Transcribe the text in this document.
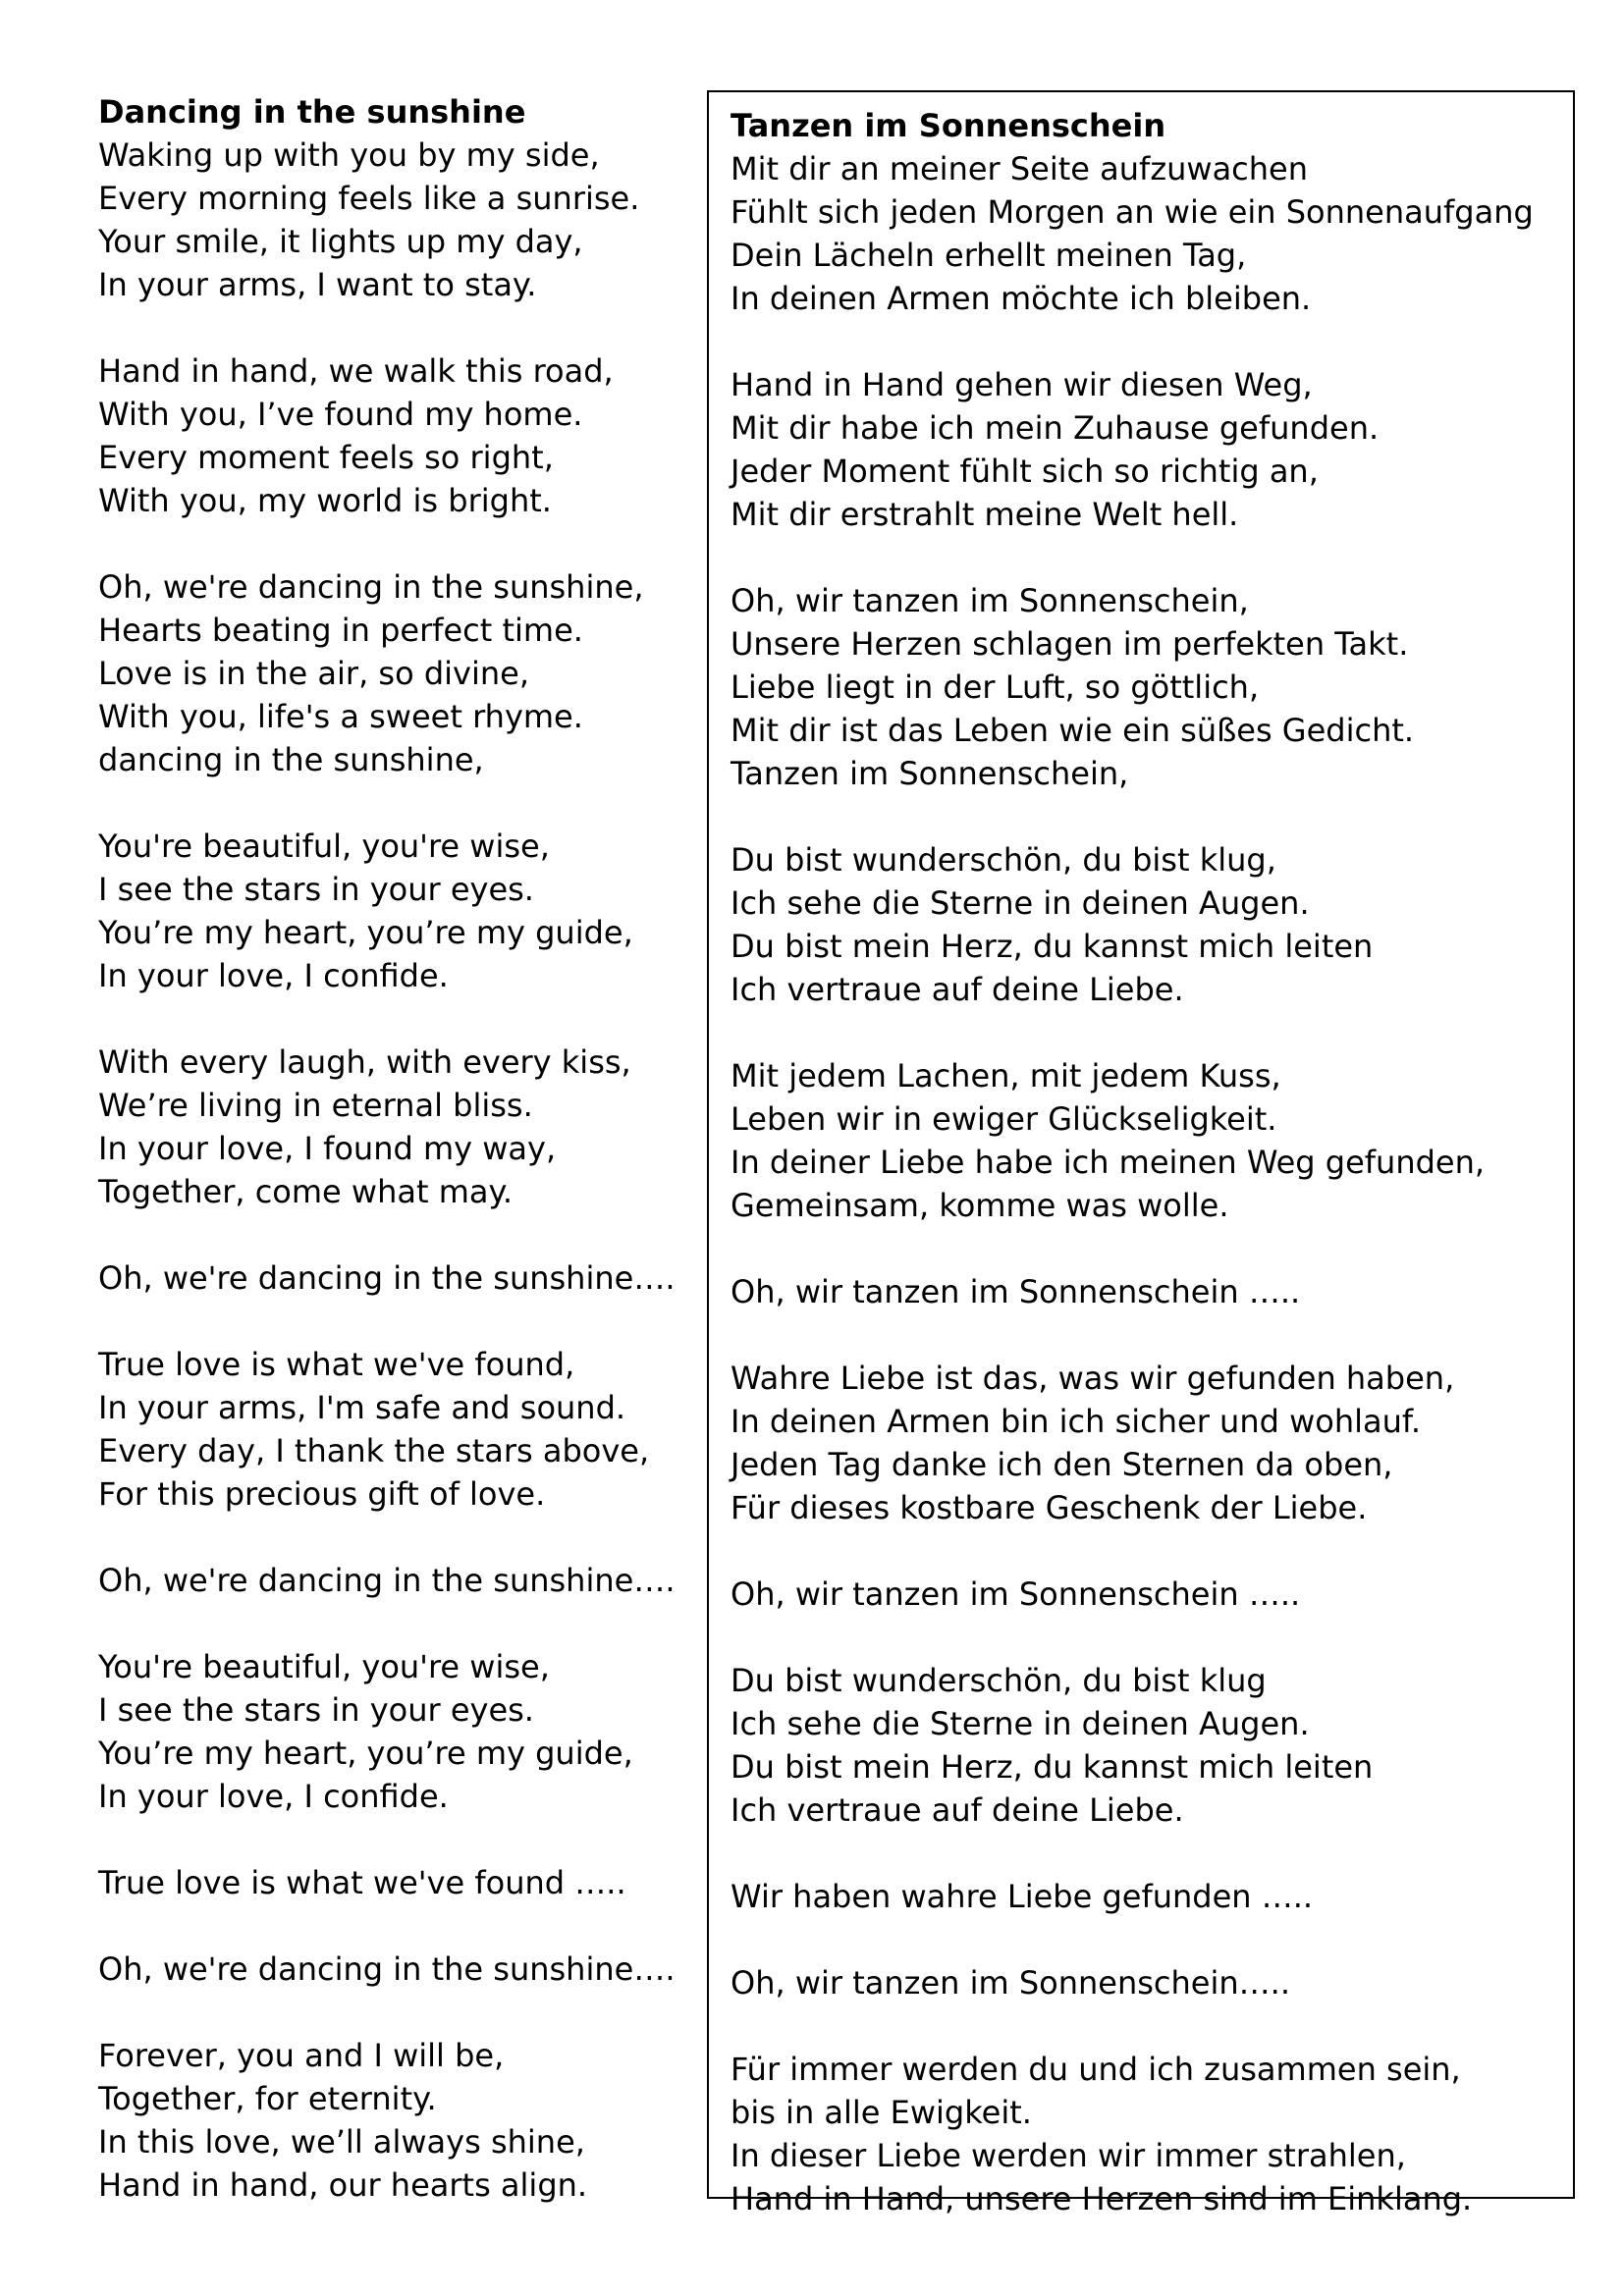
Dancing in the sunshine
Waking up with you by my side,
Every morning feels like a sunrise.
Your smile, it lights up my day,
In your arms, I want to stay.
Hand in hand, we walk this road,
With you, I’ve found my home.
Every moment feels so right,
With you, my world is bright.
Oh, we're dancing in the sunshine,
Hearts beating in perfect time.
Love is in the air, so divine,
With you, life's a sweet rhyme.
dancing in the sunshine,
You're beautiful, you're wise,
I see the stars in your eyes.
You’re my heart, you’re my guide,
In your love, I confide.
With every laugh, with every kiss,
We’re living in eternal bliss.
In your love, I found my way,
Together, come what may.
Oh, we're dancing in the sunshine….
True love is what we've found,
In your arms, I'm safe and sound.
Every day, I thank the stars above,
For this precious gift of love.
Oh, we're dancing in the sunshine….
You're beautiful, you're wise,
I see the stars in your eyes.
You’re my heart, you’re my guide,
In your love, I confide.
True love is what we've found …..
Oh, we're dancing in the sunshine….
Forever, you and I will be,
Together, for eternity.
In this love, we’ll always shine,
Hand in hand, our hearts align.
Tanzen im Sonnenschein
Mit dir an meiner Seite aufzuwachen
Fühlt sich jeden Morgen an wie ein Sonnenaufgang
Dein Lächeln erhellt meinen Tag,
In deinen Armen möchte ich bleiben.
Hand in Hand gehen wir diesen Weg,
Mit dir habe ich mein Zuhause gefunden.
Jeder Moment fühlt sich so richtig an,
Mit dir erstrahlt meine Welt hell.
Oh, wir tanzen im Sonnenschein,
Unsere Herzen schlagen im perfekten Takt.
Liebe liegt in der Luft, so göttlich,
Mit dir ist das Leben wie ein süßes Gedicht.
Tanzen im Sonnenschein,
Du bist wunderschön, du bist klug,
Ich sehe die Sterne in deinen Augen.
Du bist mein Herz, du kannst mich leiten
Ich vertraue auf deine Liebe.
Mit jedem Lachen, mit jedem Kuss,
Leben wir in ewiger Glückseligkeit.
In deiner Liebe habe ich meinen Weg gefunden,
Gemeinsam, komme was wolle.
Oh, wir tanzen im Sonnenschein …..
Wahre Liebe ist das, was wir gefunden haben,
In deinen Armen bin ich sicher und wohlauf.
Jeden Tag danke ich den Sternen da oben,
Für dieses kostbare Geschenk der Liebe.
Oh, wir tanzen im Sonnenschein …..
Du bist wunderschön, du bist klug
Ich sehe die Sterne in deinen Augen.
Du bist mein Herz, du kannst mich leiten
Ich vertraue auf deine Liebe.
Wir haben wahre Liebe gefunden …..
Oh, wir tanzen im Sonnenschein…..
Für immer werden du und ich zusammen sein,
bis in alle Ewigkeit.
In dieser Liebe werden wir immer strahlen,
Hand in Hand, unsere Herzen sind im Einklang.
